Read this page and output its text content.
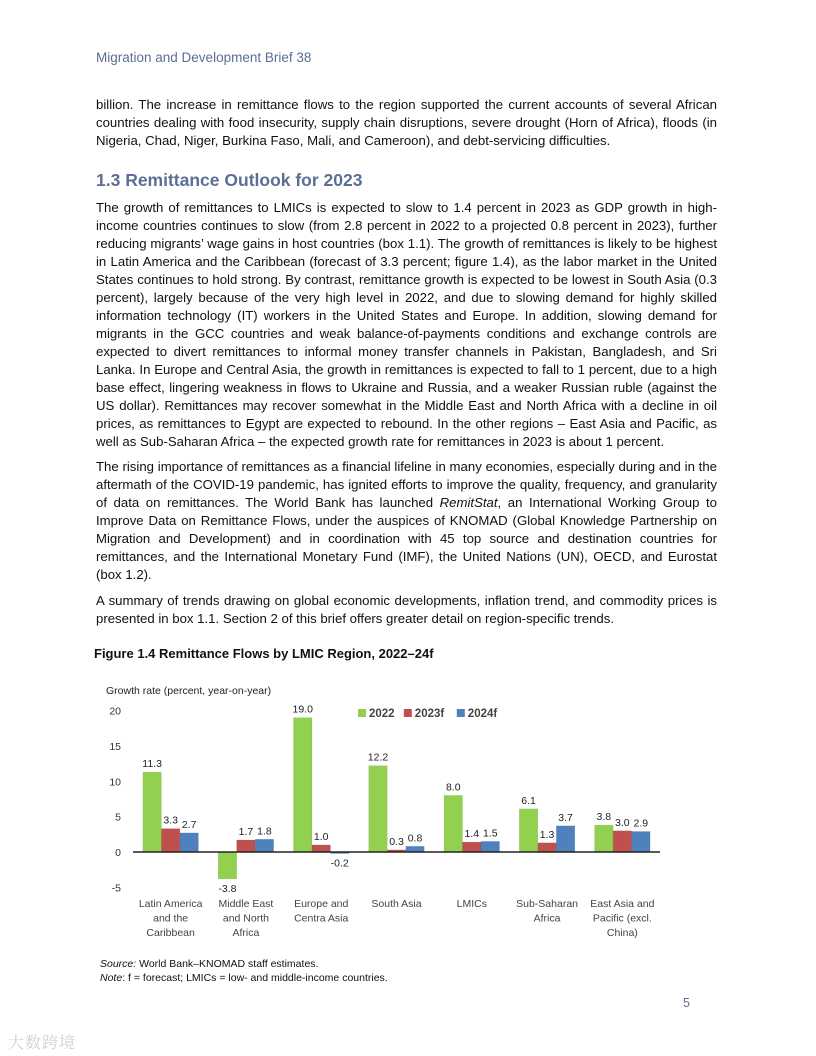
Migration and Development Brief 38

billion. The increase in remittance flows to the region supported the current accounts of several African countries dealing with food insecurity, supply chain disruptions, severe drought (Horn of Africa), floods (in Nigeria, Chad, Niger, Burkina Faso, Mali, and Cameroon), and debt-servicing difficulties.

1.3 Remittance Outlook for 2023

The growth of remittances to LMICs is expected to slow to 1.4 percent in 2023 as GDP growth in high-income countries continues to slow (from 2.8 percent in 2022 to a projected 0.8 percent in 2023), further reducing migrants’ wage gains in host countries (box 1.1). The growth of remittances is likely to be highest in Latin America and the Caribbean (forecast of 3.3 percent; figure 1.4), as the labor market in the United States continues to hold strong. By contrast, remittance growth is expected to be lowest in South Asia (0.3 percent), largely because of the very high level in 2022, and due to slowing demand for highly skilled information technology (IT) workers in the United States and Europe. In addition, slowing demand for migrants in the GCC countries and weak balance-of-payments conditions and exchange controls are expected to divert remittances to informal money transfer channels in Pakistan, Bangladesh, and Sri Lanka. In Europe and Central Asia, the growth in remittances is expected to fall to 1 percent, due to a high base effect, lingering weakness in flows to Ukraine and Russia, and a weaker Russian ruble (against the US dollar). Remittances may recover somewhat in the Middle East and North Africa with a decline in oil prices, as remittances to Egypt are expected to rebound. In the other regions – East Asia and Pacific, as well as Sub-Saharan Africa – the expected growth rate for remittances in 2023 is about 1 percent.

The rising importance of remittances as a financial lifeline in many economies, especially during and in the aftermath of the COVID-19 pandemic, has ignited efforts to improve the quality, frequency, and granularity of data on remittances. The World Bank has launched RemitStat, an International Working Group to Improve Data on Remittance Flows, under the auspices of KNOMAD (Global Knowledge Partnership on Migration and Development) and in coordination with 45 top source and destination countries for remittances, and the International Monetary Fund (IMF), the United Nations (UN), OECD, and Eurostat (box 1.2).

A summary of trends drawing on global economic developments, inflation trend, and commodity prices is presented in box 1.1. Section 2 of this brief offers greater detail on region-specific trends.

Figure 1.4 Remittance Flows by LMIC Region, 2022–24f
Growth rate (percent, year-on-year)
20
15
10
5
0
-5
11.3
3.3 2.7
-3.8
1.7 1.8
19.0
1.0
-0.2
12.2
0.3 0.8
8.0
1.4 1.5
6.1
1.3
3.7 3.8 3.0 2.9
Latin America and the Caribbean
Middle East and North Africa
Europe and Centra Asia
South Asia	LMICs	Sub-Saharan Africa
East Asia and Pacific (excl. China)
2022 2023f 2024f
Source: World Bank–KNOMAD staff estimates.
Note: f = forecast; LMICs = low- and middle-income countries.
5
大数跨境
